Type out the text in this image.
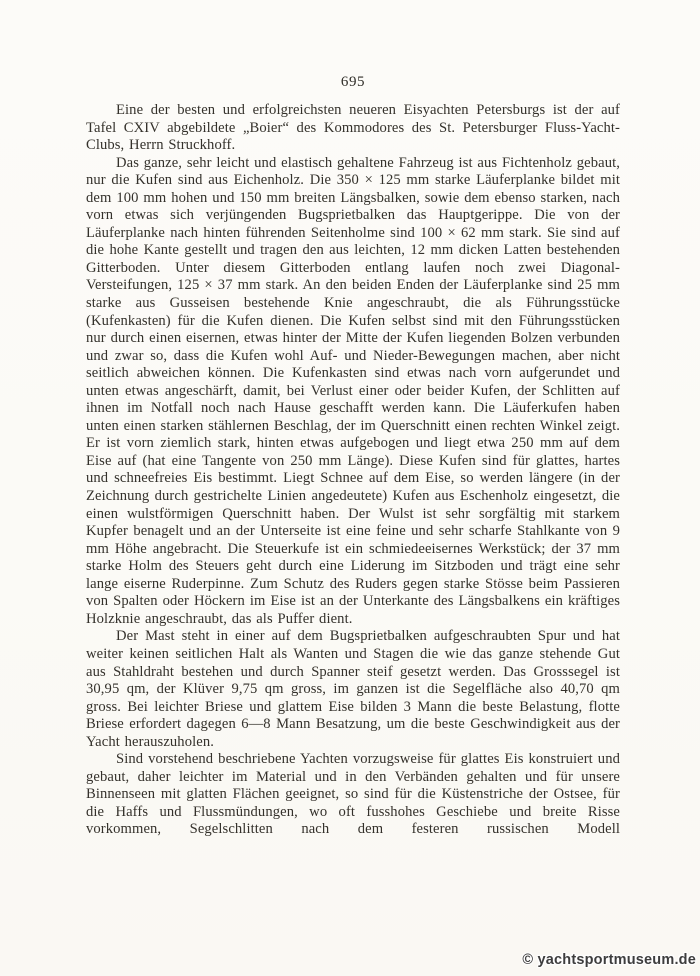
695

Eine der besten und erfolgreichsten neueren Eisyachten Petersburgs ist der auf Tafel CXIV abgebildete „Boier“ des Kommodores des St. Petersburger Fluss-Yacht-Clubs, Herrn Struckhoff.

Das ganze, sehr leicht und elastisch gehaltene Fahrzeug ist aus Fichtenholz gebaut, nur die Kufen sind aus Eichenholz. Die 350 × 125 mm starke Läuferplanke bildet mit dem 100 mm hohen und 150 mm breiten Längsbalken, sowie dem ebenso starken, nach vorn etwas sich verjüngenden Bugsprietbalken das Hauptgerippe. Die von der Läuferplanke nach hinten führenden Seitenholme sind 100 × 62 mm stark. Sie sind auf die hohe Kante gestellt und tragen den aus leichten, 12 mm dicken Latten bestehenden Gitterboden. Unter diesem Gitterboden entlang laufen noch zwei Diagonal-Versteifungen, 125 × 37 mm stark. An den beiden Enden der Läuferplanke sind 25 mm starke aus Gusseisen bestehende Knie angeschraubt, die als Führungsstücke (Kufenkasten) für die Kufen dienen. Die Kufen selbst sind mit den Führungsstücken nur durch einen eisernen, etwas hinter der Mitte der Kufen liegenden Bolzen verbunden und zwar so, dass die Kufen wohl Auf- und Nieder-Bewegungen machen, aber nicht seitlich abweichen können. Die Kufenkasten sind etwas nach vorn aufgerundet und unten etwas angeschärft, damit, bei Verlust einer oder beider Kufen, der Schlitten auf ihnen im Notfall noch nach Hause geschafft werden kann. Die Läuferkufen haben unten einen starken stählernen Beschlag, der im Querschnitt einen rechten Winkel zeigt. Er ist vorn ziemlich stark, hinten etwas aufgebogen und liegt etwa 250 mm auf dem Eise auf (hat eine Tangente von 250 mm Länge). Diese Kufen sind für glattes, hartes und schneefreies Eis bestimmt. Liegt Schnee auf dem Eise, so werden längere (in der Zeichnung durch gestrichelte Linien angedeutete) Kufen aus Eschenholz eingesetzt, die einen wulstförmigen Querschnitt haben. Der Wulst ist sehr sorgfältig mit starkem Kupfer benagelt und an der Unterseite ist eine feine und sehr scharfe Stahlkante von 9 mm Höhe angebracht. Die Steuerkufe ist ein schmiedeeisernes Werkstück; der 37 mm starke Holm des Steuers geht durch eine Liderung im Sitzboden und trägt eine sehr lange eiserne Ruderpinne. Zum Schutz des Ruders gegen starke Stösse beim Passieren von Spalten oder Höckern im Eise ist an der Unterkante des Längsbalkens ein kräftiges Holzknie angeschraubt, das als Puffer dient.

Der Mast steht in einer auf dem Bugsprietbalken aufgeschraubten Spur und hat weiter keinen seitlichen Halt als Wanten und Stagen die wie das ganze stehende Gut aus Stahldraht bestehen und durch Spanner steif gesetzt werden. Das Grosssegel ist 30,95 qm, der Klüver 9,75 qm gross, im ganzen ist die Segelfläche also 40,70 qm gross. Bei leichter Briese und glattem Eise bilden 3 Mann die beste Belastung, flotte Briese erfordert dagegen 6—8 Mann Besatzung, um die beste Geschwindigkeit aus der Yacht herauszuholen.

Sind vorstehend beschriebene Yachten vorzugsweise für glattes Eis konstruiert und gebaut, daher leichter im Material und in den Verbänden gehalten und für unsere Binnenseen mit glatten Flächen geeignet, so sind für die Küstenstriche der Ostsee, für die Haffs und Flussmündungen, wo oft fusshohes Geschiebe und breite Risse vorkommen, Segelschlitten nach dem festeren russischen Modell

© yachtsportmuseum.de
